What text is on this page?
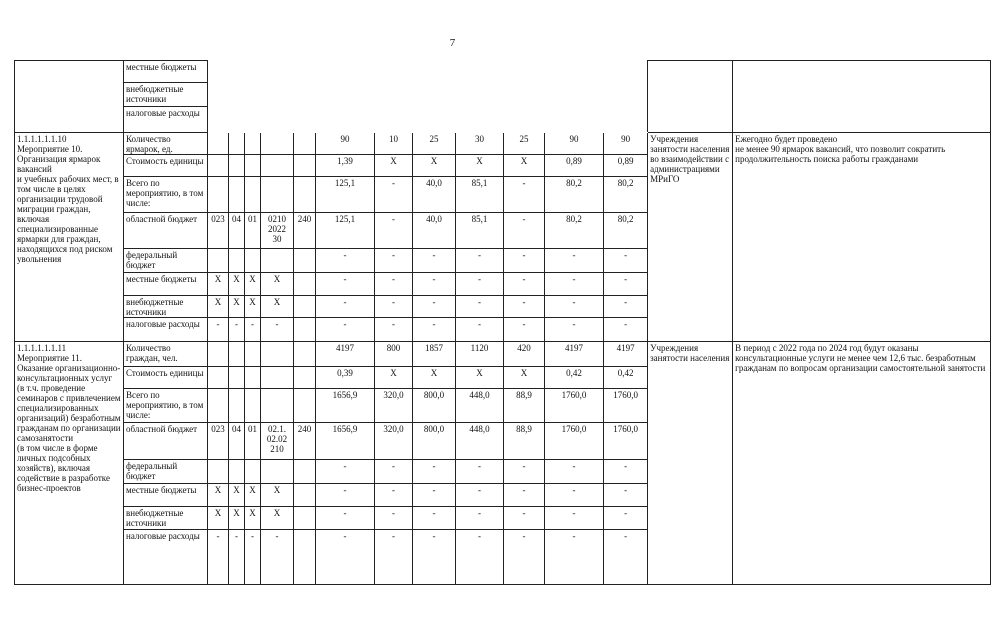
7

	местные бюджеты
внебюджетные источники
налоговые расходы														

1.1.1.1.1.1.10
Мероприятие 10.
Организация ярмарок вакансий
и учебных рабочих мест, в том числе в целях организации трудовой миграции граждан, включая специализированные ярмарки для граждан, находящихся под риском увольнения	Количество ярмарок, ед.						90	10	25	30	25	90	90	Учреждения занятости населения во взаимодействии с администрациями МРиГО	Ежегодно будет проведено
не менее 90 ярмарок вакансий, что позволит сократить продолжительность поиска работы гражданами
	Стоимость единицы						1,39	Х	Х	Х	Х	0,89	0,89		
	Всего по мероприятию, в том числе:						125,1	-	40,0	85,1	-	80,2	80,2		
	областной бюджет	023	04	01	0210 2022 30	240	125,1	-	40,0	85,1	-	80,2	80,2		
	федеральный бюджет						-	-	-	-	-	-	-		
	местные бюджеты	Х	Х	Х	Х		-	-	-	-	-	-	-		
	внебюджетные источники	Х	Х	Х	Х		-	-	-	-	-	-	-		
	налоговые расходы	-	-	-	-		-	-	-	-	-	-	-		
1.1.1.1.1.1.11
Мероприятие 11.
Оказание организационно-консультационных услуг (в т.ч. проведение семинаров с привлечением специализированных организаций) безработным гражданам по организации самозанятости
(в том числе в форме личных подсобных хозяйств), включая содействие в разработке бизнес-проектов	Количество граждан, чел.						4197	800	1857	1120	420	4197	4197	Учреждения занятости населения	В период с 2022 года по 2024 год будут оказаны консультационные услуги не менее чем 12,6 тыс. безработным гражданам по вопросам организации самостоятельной занятости
	Стоимость единицы						0,39	Х	Х	Х	Х	0,42	0,42		
	Всего по мероприятию, в том числе:						1656,9	320,0	800,0	448,0	88,9	1760,0	1760,0		
	областной бюджет	023	04	01	02.1. 02.02 210	240	1656,9	320,0	800,0	448,0	88,9	1760,0	1760,0		
	федеральный бюджет						-	-	-	-	-	-	-		
	местные бюджеты	Х	Х	Х	Х		-	-	-	-	-	-	-		
	внебюджетные источники	Х	Х	Х	Х		-	-	-	-	-	-	-		
	налоговые расходы	-	-	-	-		-	-	-	-	-	-	-		
